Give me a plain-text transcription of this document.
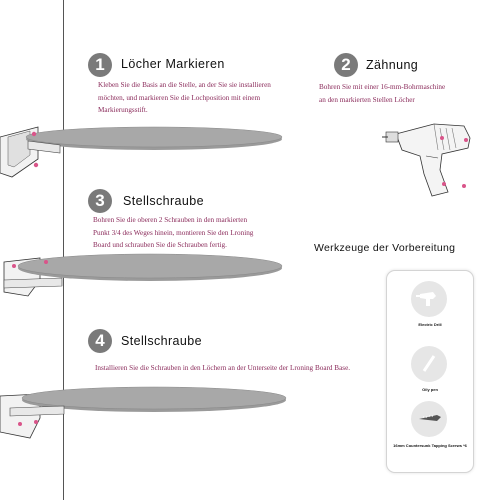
1	Löcher Markieren
Kleben Sie die Basis an die Stelle, an der Sie sie installieren
möchten, und markieren Sie die Lochposition mit einem
Markierungsstift.
2	Zähnung
Bohren Sie mit einer 16-mm-Bohrmaschine
an den markierten Stellen Löcher
3	Stellschraube
Bohren Sie die oberen 2 Schrauben in den markierten
Punkt 3/4 des Weges hinein, montieren Sie den Lroning
Board und schrauben Sie die Schrauben fertig.
4	Stellschraube
Installieren Sie die Schrauben in den Löchern an der Unterseite der Lroning Board Base.
Werkzeuge der Vorbereitung
Electric Drill
Oily pen
16mm Countersunk Tapping Screws *6
